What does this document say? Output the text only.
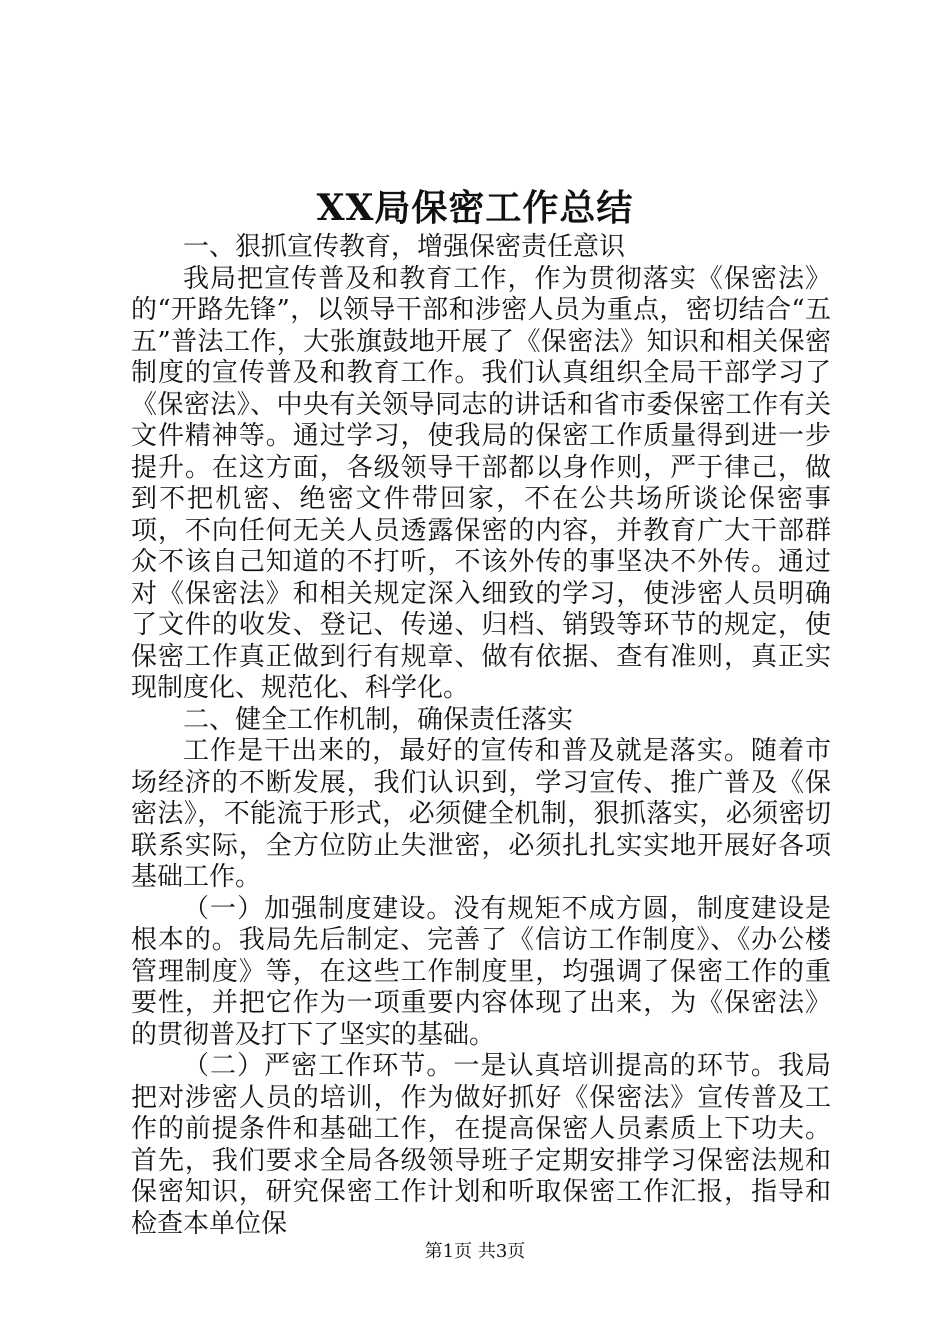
XX局保密工作总结

一、狠抓宣传教育，增强保密责任意识

我局把宣传普及和教育工作，作为贯彻落实《保密法》的“开路先锋”，以领导干部和涉密人员为重点，密切结合“五五”普法工作，大张旗鼓地开展了《保密法》知识和相关保密制度的宣传普及和教育工作。我们认真组织全局干部学习了《保密法》、中央有关领导同志的讲话和省市委保密工作有关文件精神等。通过学习，使我局的保密工作质量得到进一步提升。在这方面，各级领导干部都以身作则，严于律己，做到不把机密、绝密文件带回家，不在公共场所谈论保密事项，不向任何无关人员透露保密的内容，并教育广大干部群众不该自己知道的不打听，不该外传的事坚决不外传。通过对《保密法》和相关规定深入细致的学习，使涉密人员明确了文件的收发、登记、传递、归档、销毁等环节的规定，使保密工作真正做到行有规章、做有依据、查有准则，真正实现制度化、规范化、科学化。

二、健全工作机制，确保责任落实

工作是干出来的，最好的宣传和普及就是落实。随着市场经济的不断发展，我们认识到，学习宣传、推广普及《保密法》，不能流于形式，必须健全机制，狠抓落实，必须密切联系实际，全方位防止失泄密，必须扎扎实实地开展好各项基础工作。

（一）加强制度建设。没有规矩不成方圆，制度建设是根本的。我局先后制定、完善了《信访工作制度》、《办公楼管理制度》等，在这些工作制度里，均强调了保密工作的重要性，并把它作为一项重要内容体现了出来，为《保密法》的贯彻普及打下了坚实的基础。

（二）严密工作环节。一是认真培训提高的环节。我局把对涉密人员的培训，作为做好抓好《保密法》宣传普及工作的前提条件和基础工作，在提高保密人员素质上下功夫。首先，我们要求全局各级领导班子定期安排学习保密法规和保密知识，研究保密工作计划和听取保密工作汇报，指导和检查本单位保

第1页 共3页
